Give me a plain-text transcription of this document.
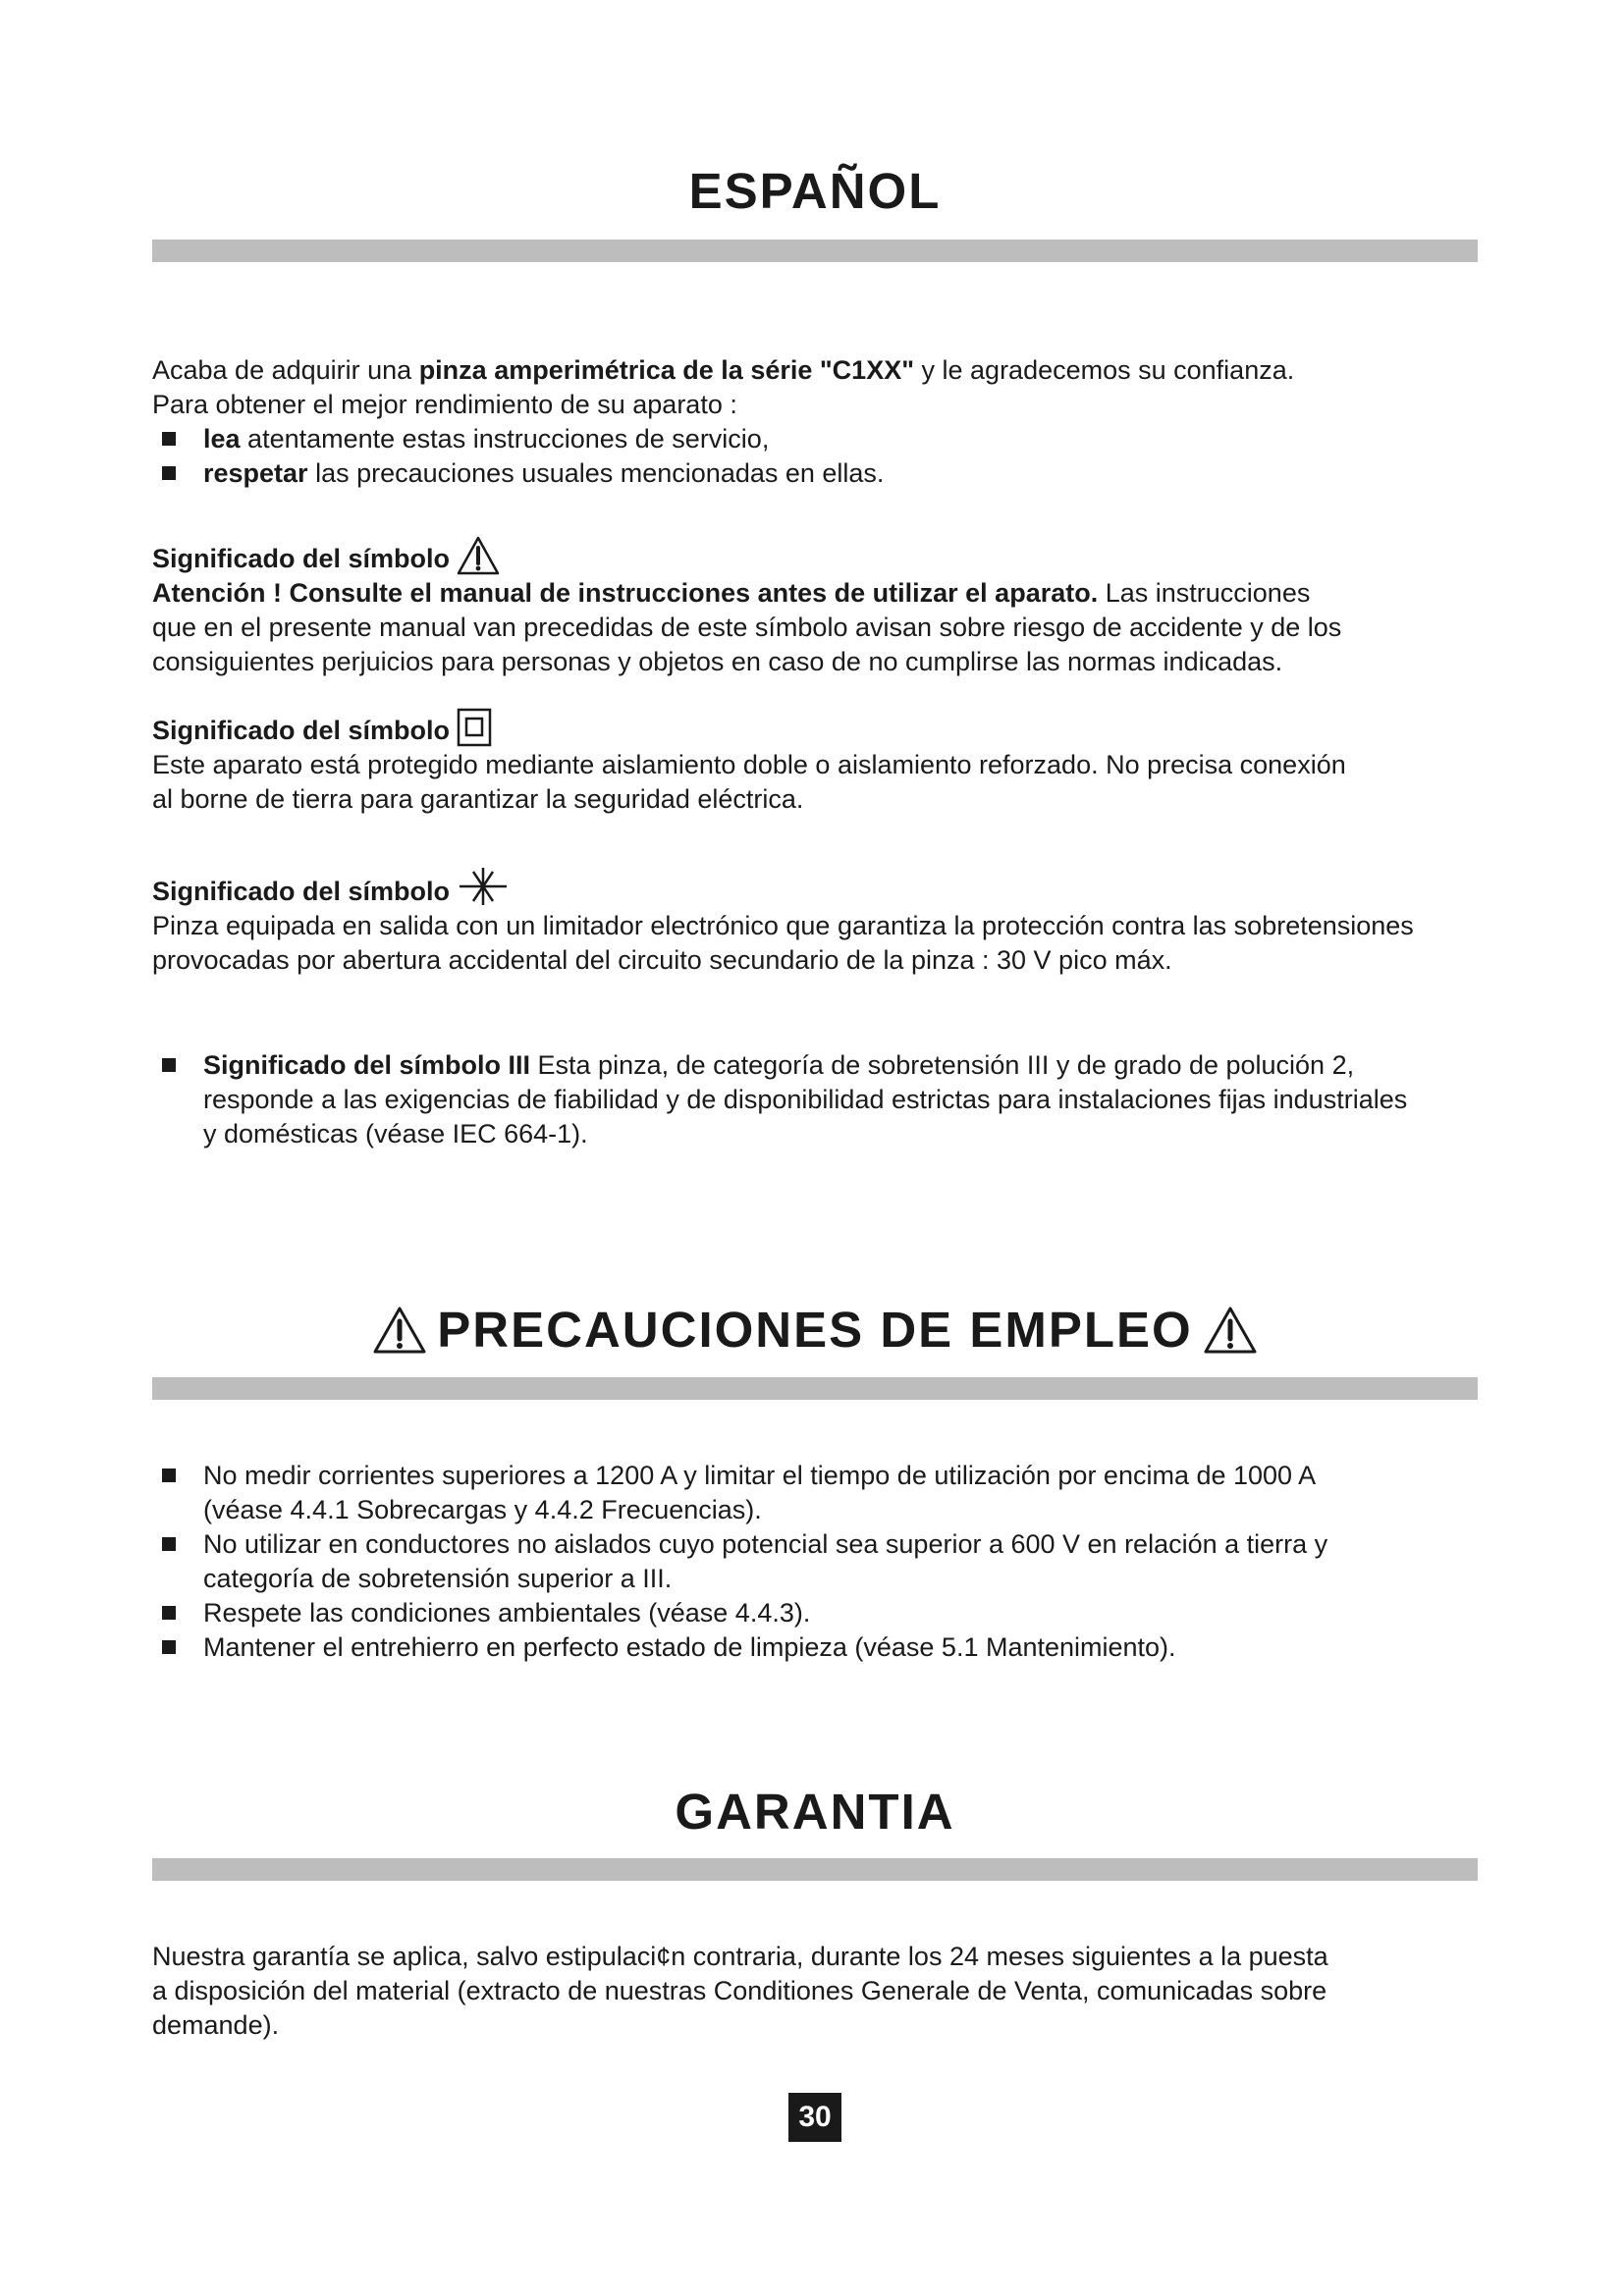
ESPAÑOL
Acaba de adquirir una pinza amperimétrica de la série "C1XX" y le agradecemos su confianza.
Para obtener el mejor rendimiento de su aparato :
lea atentamente estas instrucciones de servicio,
respetar las precauciones usuales mencionadas en ellas.
Significado del símbolo
Atención ! Consulte el manual de instrucciones antes de utilizar el aparato. Las instrucciones
que en el presente manual van precedidas de este símbolo avisan sobre riesgo de accidente y de los
consiguientes perjuicios para personas y objetos en caso de no cumplirse las normas indicadas.
Significado del símbolo
Este aparato está protegido mediante aislamiento doble o aislamiento reforzado. No precisa conexión
al borne de tierra para garantizar la seguridad eléctrica.
Significado del símbolo
Pinza equipada en salida con un limitador electrónico que garantiza la protección contra las sobretensiones
provocadas por abertura accidental del circuito secundario de la pinza : 30 V pico máx.
Significado del símbolo III Esta pinza, de categoría de sobretensión III y de grado de polución 2,
responde a las exigencias de fiabilidad y de disponibilidad estrictas para instalaciones fijas industriales
y domésticas (véase IEC 664-1).
PRECAUCIONES DE EMPLEO
No medir corrientes superiores a 1200 A y limitar el tiempo de utilización por encima de 1000 A
(véase 4.4.1 Sobrecargas y 4.4.2 Frecuencias).
No utilizar en conductores no aislados cuyo potencial sea superior a 600 V en relación a tierra y
categoría de sobretensión superior a III.
Respete las condiciones ambientales (véase 4.4.3).
Mantener el entrehierro en perfecto estado de limpieza (véase 5.1 Mantenimiento).
GARANTIA
Nuestra garantía se aplica, salvo estipulaci¢n contraria, durante los 24 meses siguientes a la puesta
a disposición del material (extracto de nuestras Conditiones Generale de Venta, comunicadas sobre
demande).
30
